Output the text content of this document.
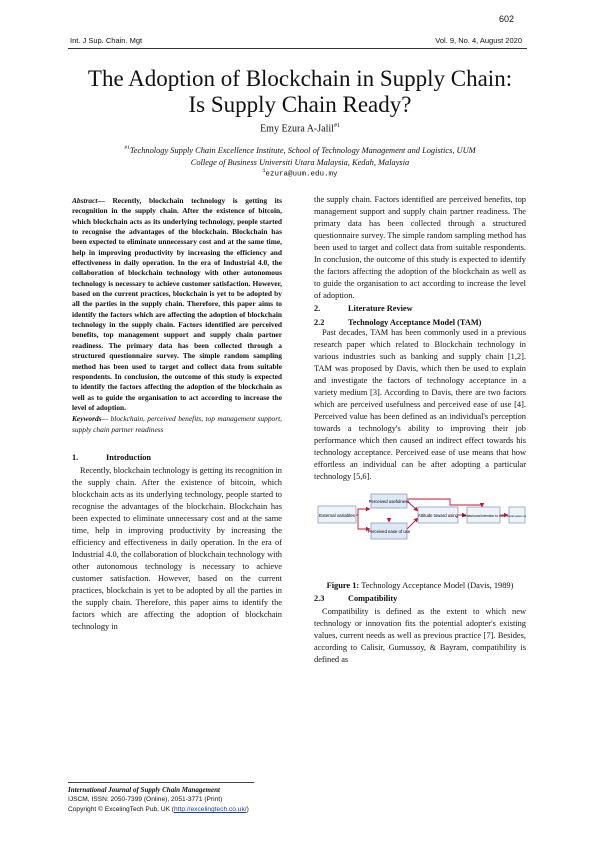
602
Int. J Sup. Chain. Mgt	Vol. 9, No. 4, August 2020
The Adoption of Blockchain in Supply Chain:
Is Supply Chain Ready?
Emy Ezura A-Jalil$^{\#1}$
$^{\#1}$Technology Supply Chain Excellence Institute, School of Technology Management and Logistics, UUM
College of Business Universiti Utara Malaysia, Kedah, Malaysia
$^1$ezura@uum.edu.my

Abstract— Recently, blockchain technology is getting its recognition in the supply chain. After the existence of bitcoin, which blockchain acts as its underlying technology, people started to recognise the advantages of the blockchain. Blockchain has been expected to eliminate unnecessary cost and at the same time, help in improving productivity by increasing the efficiency and effectiveness in daily operation. In the era of Industrial 4.0, the collaboration of blockchain technology with other autonomous technology is necessary to achieve customer satisfaction. However, based on the current practices, blockchain is yet to be adopted by all the parties in the supply chain. Therefore, this paper aims to identify the factors which are affecting the adoption of blockchain technology in the supply chain. Factors identified are perceived benefits, top management support and supply chain partner readiness. The primary data has been collected through a structured questionnaire survey. The simple random sampling method has been used to target and collect data from suitable respondents. In conclusion, the outcome of this study is expected to identify the factors affecting the adoption of the blockchain as well as to guide the organisation to act according to increase the level of adoption.

Keywords— blockchain, perceived benefits, top management support, supply chain partner readiness

1.	Introduction

Recently, blockchain technology is getting its recognition in the supply chain. After the existence of bitcoin, which blockchain acts as its underlying technology, people started to recognise the advantages of the blockchain. Blockchain has been expected to eliminate unnecessary cost and at the same time, help in improving productivity by increasing the efficiency and effectiveness in daily operation. In the era of Industrial 4.0, the collaboration of blockchain technology with other autonomous technology is necessary to achieve customer satisfaction. However, based on the current practices, blockchain is yet to be adopted by all the parties in the supply chain. Therefore, this paper aims to identify the factors which are affecting the adoption of blockchain technology in

the supply chain. Factors identified are perceived benefits, top management support and supply chain partner readiness. The primary data has been collected through a structured questionnaire survey. The simple random sampling method has been used to target and collect data from suitable respondents. In conclusion, the outcome of this study is expected to identify the factors affecting the adoption of the blockchain as well as to guide the organisation to act according to increase the level of adoption.

2.	Literature Review
2.2	Technology Acceptance Model (TAM)

Past decades, TAM has been commonly used in a previous research paper which related to Blockchain technology in various industries such as banking and supply chain [1,2]. TAM was proposed by Davis, which then be used to explain and investigate the factors of technology acceptance in a variety medium [3]. According to Davis, there are two factors which are perceived usefulness and perceived ease of use [4]. Perceived value has been defined as an individual's perception towards a technology's ability to improving their job performance which then caused an indirect effect towards his technology acceptance. Perceived ease of use means that how effortless an individual can be after adopting a particular technology [5,6].

External variables
Perceived usefulness
Perceived ease of use
Attitude toward using Behavioural intention to use Actual system use
Figure 1: Technology Acceptance Model (Davis, 1989)
2.3	Compatibility

Compatibility is defined as the extent to which new technology or innovation fits the potential adopter's existing values, current needs as well as previous practice [7]. Besides, according to Calisir, Gumussoy, & Bayram, compatibility is defined as

International Journal of Supply Chain Management
IJSCM, ISSN: 2050-7399 (Online), 2051-3771 (Print)
Copyright © ExcelingTech Pub, UK (http://excelingtech.co.uk/)
